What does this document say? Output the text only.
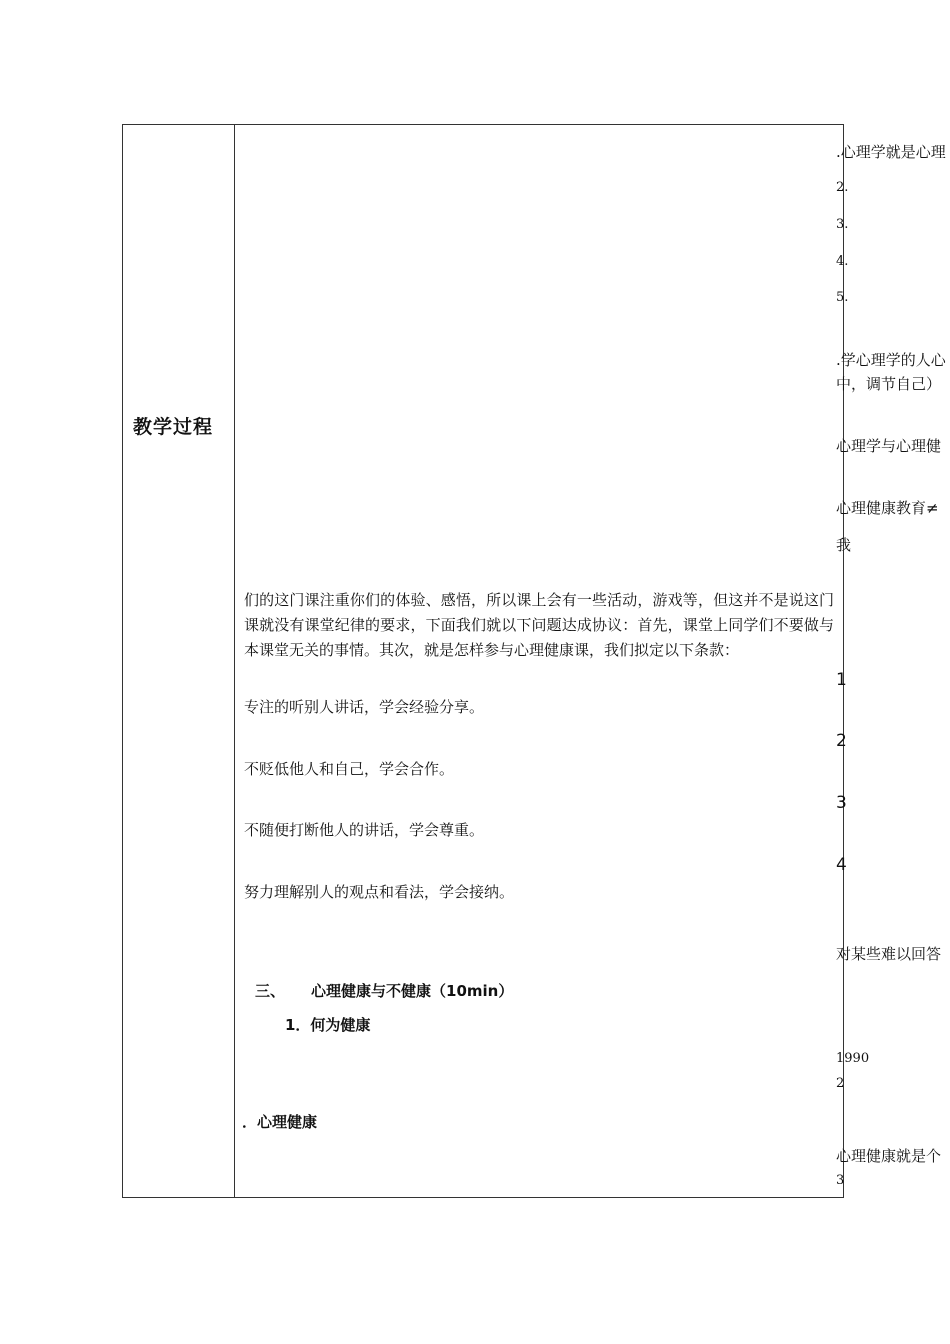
教学过程
们的这门课注重你们的体验、感悟，所以课上会有一些活动，游戏等，但这并不是说这门课就没有课堂纪律的要求，下面我们就以下问题达成协议：首先，课堂上同学们不要做与本课堂无关的事情。其次，就是怎样参与心理健康课，我们拟定以下条款：
专注的听别人讲话，学会经验分享。
不贬低他人和自己，学会合作。
不随便打断他人的讲话，学会尊重。
努力理解别人的观点和看法，学会接纳。
三、 心理健康与不健康（10min）
1．何为健康
．心理健康
.心理学就是心理
2.
3.
4.
5.
.学心理学的人心
中，调节自己）
心理学与心理健
心理健康教育≠
我
1
2
3
4
对某些难以回答
1990
2
心理健康就是个
3
